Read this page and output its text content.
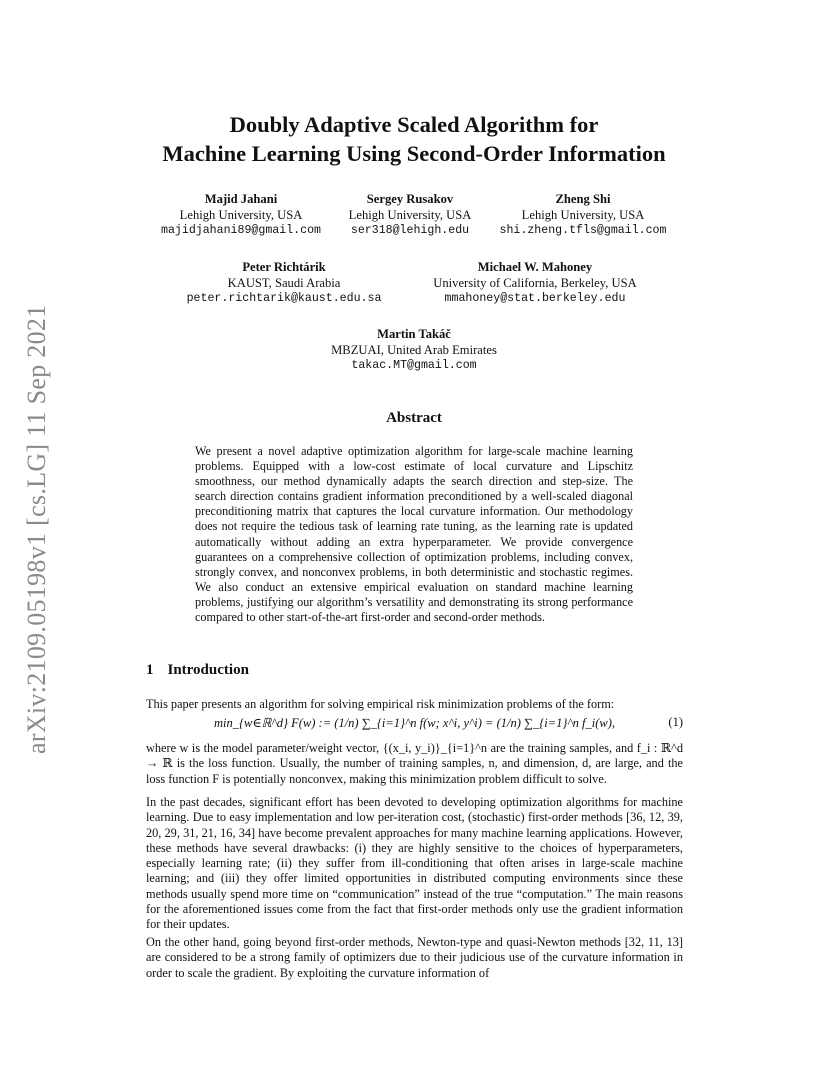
arXiv:2109.05198v1 [cs.LG] 11 Sep 2021
Doubly Adaptive Scaled Algorithm for
Machine Learning Using Second-Order Information
Majid Jahani
Lehigh University, USA
majidjahani89@gmail.com
Sergey Rusakov
Lehigh University, USA
ser318@lehigh.edu
Zheng Shi
Lehigh University, USA
shi.zheng.tfls@gmail.com
Peter Richtárik
KAUST, Saudi Arabia
peter.richtarik@kaust.edu.sa
Michael W. Mahoney
University of California, Berkeley, USA
mmahoney@stat.berkeley.edu
Martin Takáč
MBZUAI, United Arab Emirates
takac.MT@gmail.com
Abstract

We present a novel adaptive optimization algorithm for large-scale machine learning problems. Equipped with a low-cost estimate of local curvature and Lipschitz smoothness, our method dynamically adapts the search direction and step-size. The search direction contains gradient information preconditioned by a well-scaled diagonal preconditioning matrix that captures the local curvature information. Our methodology does not require the tedious task of learning rate tuning, as the learning rate is updated automatically without adding an extra hyperparameter. We provide convergence guarantees on a comprehensive collection of optimization problems, including convex, strongly convex, and nonconvex problems, in both deterministic and stochastic regimes. We also conduct an extensive empirical evaluation on standard machine learning problems, justifying our algorithm’s versatility and demonstrating its strong performance compared to other start-of-the-art first-order and second-order methods.

1 Introduction

This paper presents an algorithm for solving empirical risk minimization problems of the form:

min_{w∈ℝ^d} F(w) := (1/n) ∑_{i=1}^n f(w; x^i, y^i) = (1/n) ∑_{i=1}^n f_i(w),	(1)

where w is the model parameter/weight vector, {(x_i, y_i)}_{i=1}^n are the training samples, and f_i : ℝ^d → ℝ is the loss function. Usually, the number of training samples, n, and dimension, d, are large, and the loss function F is potentially nonconvex, making this minimization problem difficult to solve.

In the past decades, significant effort has been devoted to developing optimization algorithms for machine learning. Due to easy implementation and low per-iteration cost, (stochastic) first-order methods [36, 12, 39, 20, 29, 31, 21, 16, 34] have become prevalent approaches for many machine learning applications. However, these methods have several drawbacks: (i) they are highly sensitive to the choices of hyperparameters, especially learning rate; (ii) they suffer from ill-conditioning that often arises in large-scale machine learning; and (iii) they offer limited opportunities in distributed computing environments since these methods usually spend more time on “communication” instead of the true “computation.” The main reasons for the aforementioned issues come from the fact that first-order methods only use the gradient information for their updates.

On the other hand, going beyond first-order methods, Newton-type and quasi-Newton methods [32, 11, 13] are considered to be a strong family of optimizers due to their judicious use of the curvature information in order to scale the gradient. By exploiting the curvature information of
